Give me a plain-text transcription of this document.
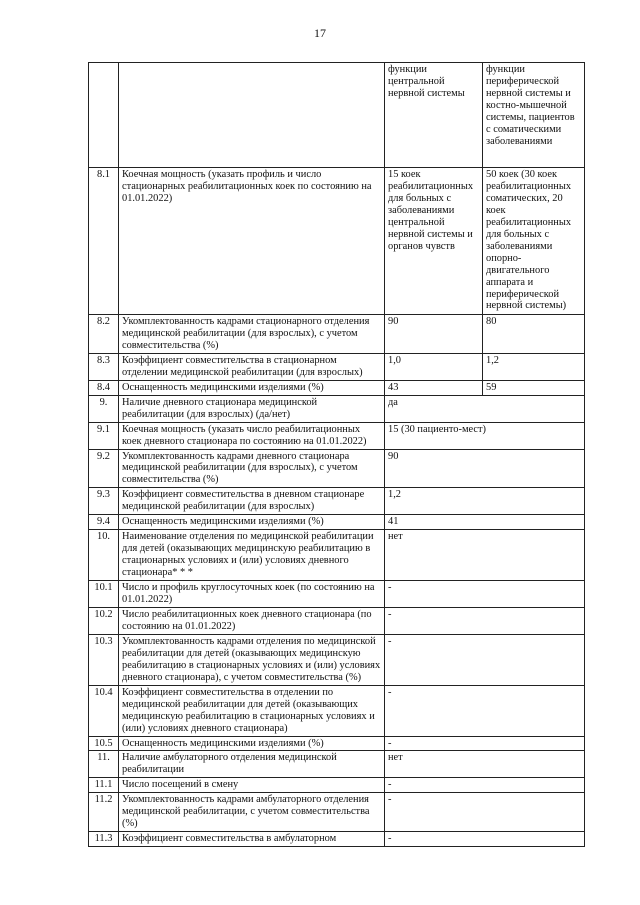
17
		функции центральной нервной системы	функции периферической нервной системы и костно-мышечной системы, пациентов с соматическими заболеваниями
8.1	Коечная мощность (указать профиль и число стационарных реабилитационных коек по состоянию на 01.01.2022)	15 коек реабилитационных для больных с заболеваниями центральной нервной системы и органов чувств	50 коек (30 коек реабилитационных соматических, 20 коек реабилитационных для больных с заболеваниями опорно-двигательного аппарата и периферической нервной системы)
8.2	Укомплектованность кадрами стационарного отделения медицинской реабилитации (для взрослых), с учетом совместительства (%)	90	80
8.3	Коэффициент совместительства в стационарном отделении медицинской реабилитации (для взрослых)	1,0	1,2
8.4	Оснащенность медицинскими изделиями (%)	43	59
9.	Наличие дневного стационара медицинской реабилитации (для взрослых) (да/нет)	да	
9.1	Коечная мощность (указать число реабилитационных коек дневного стационара по состоянию на 01.01.2022)	15 (30 пациенто-мест)	
9.2	Укомплектованность кадрами дневного стационара медицинской реабилитации (для взрослых), с учетом совместительства (%)	90	
9.3	Коэффициент совместительства в дневном стационаре медицинской реабилитации (для взрослых)	1,2	
9.4	Оснащенность медицинскими изделиями (%)	41	
10.	Наименование отделения по медицинской реабилитации для детей (оказывающих медицинскую реабилитацию в стационарных условиях и (или) условиях дневного стационара* * *	нет	
10.1	Число и профиль круглосуточных коек (по состоянию на 01.01.2022)	-	
10.2	Число реабилитационных коек дневного стационара (по состоянию на 01.01.2022)	-	
10.3	Укомплектованность кадрами отделения по медицинской реабилитации для детей (оказывающих медицинскую реабилитацию в стационарных условиях и (или) условиях дневного стационара), с учетом совместительства (%)	-	
10.4	Коэффициент совместительства в отделении по медицинской реабилитации для детей (оказывающих медицинскую реабилитацию в стационарных условиях и (или) условиях дневного стационара)	-	
10.5	Оснащенность медицинскими изделиями (%)	-	
11.	Наличие амбулаторного отделения медицинской реабилитации	нет	
11.1	Число посещений в смену	-	
11.2	Укомплектованность кадрами амбулаторного отделения медицинской реабилитации, с учетом совместительства (%)	-	
11.3	Коэффициент совместительства в амбулаторном	-	
